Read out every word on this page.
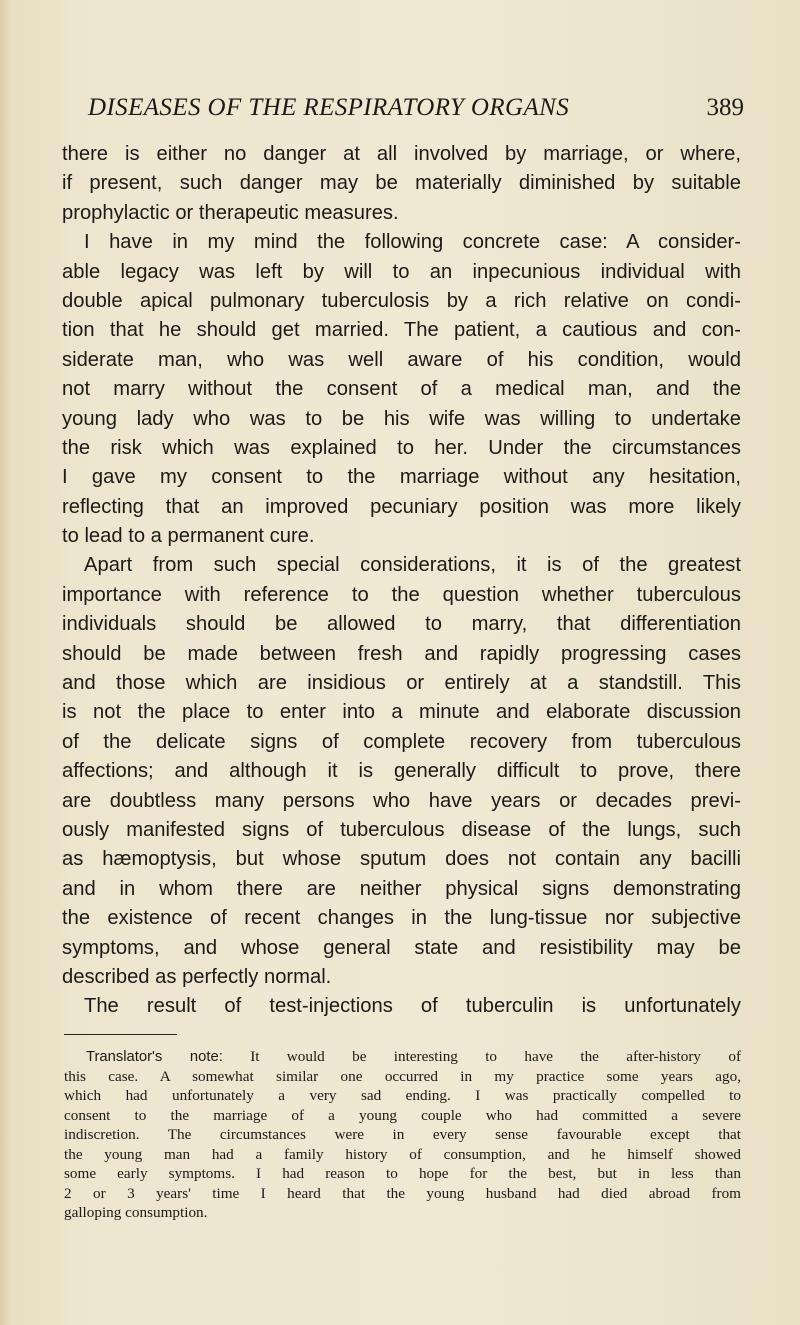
DISEASES OF THE RESPIRATORY ORGANS	389
there is either no danger at all involved by marriage, or where,
if present, such danger may be materially diminished by suitable
prophylactic or therapeutic measures.
I have in my mind the following concrete case: A consider-
able legacy was left by will to an inpecunious individual with
double apical pulmonary tuberculosis by a rich relative on condi-
tion that he should get married. The patient, a cautious and con-
siderate man, who was well aware of his condition, would
not marry without the consent of a medical man, and the
young lady who was to be his wife was willing to undertake
the risk which was explained to her. Under the circumstances
I gave my consent to the marriage without any hesitation,
reflecting that an improved pecuniary position was more likely
to lead to a permanent cure.
Apart from such special considerations, it is of the greatest
importance with reference to the question whether tuberculous
individuals should be allowed to marry, that differentiation
should be made between fresh and rapidly progressing cases
and those which are insidious or entirely at a standstill. This
is not the place to enter into a minute and elaborate discussion
of the delicate signs of complete recovery from tuberculous
affections; and although it is generally difficult to prove, there
are doubtless many persons who have years or decades previ-
ously manifested signs of tuberculous disease of the lungs, such
as hæmoptysis, but whose sputum does not contain any bacilli
and in whom there are neither physical signs demonstrating
the existence of recent changes in the lung-tissue nor subjective
symptoms, and whose general state and resistibility may be
described as perfectly normal.
The result of test-injections of tuberculin is unfortunately
Translator's note: It would be interesting to have the after-history of
this case. A somewhat similar one occurred in my practice some years ago,
which had unfortunately a very sad ending. I was practically compelled to
consent to the marriage of a young couple who had committed a severe
indiscretion. The circumstances were in every sense favourable except that
the young man had a family history of consumption, and he himself showed
some early symptoms. I had reason to hope for the best, but in less than
2 or 3 years' time I heard that the young husband had died abroad from
galloping consumption.
